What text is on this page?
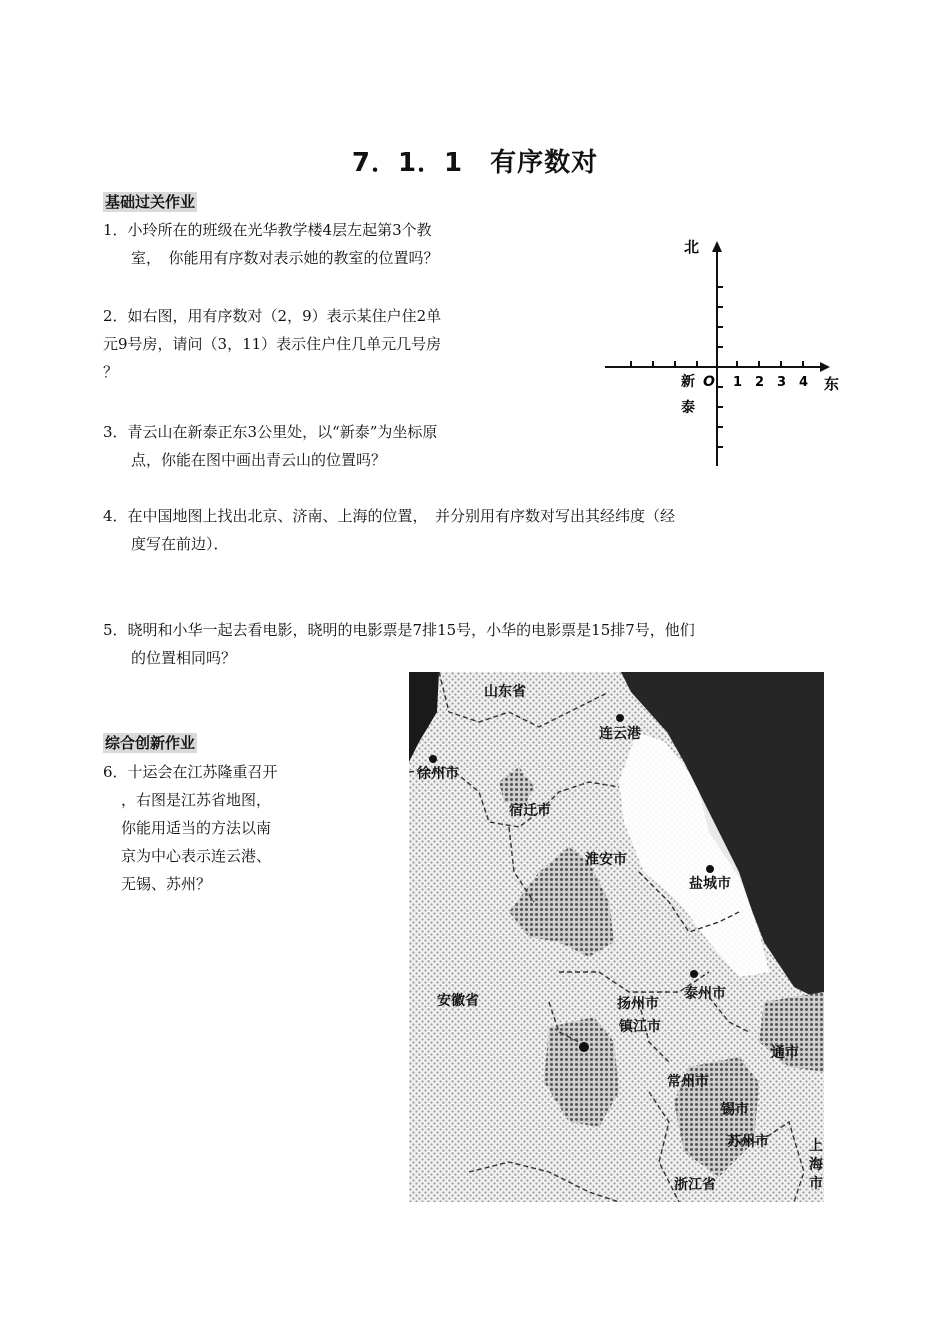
7．1．1　有序数对
基础过关作业
1．小玲所在的班级在光华教学楼4层左起第3个教
室，　你能用有序数对表示她的教室的位置吗？
2．如右图，用有序数对（2，9）表示某住户住2单
元9号房，请问（3，11）表示住户住几单元几号房
？
3．青云山在新泰正东3公里处，以“新泰”为坐标原
点，你能在图中画出青云山的位置吗？
4．在中国地图上找出北京、济南、上海的位置，　并分别用有序数对写出其经纬度（经
度写在前边）．
5．晓明和小华一起去看电影，晓明的电影票是7排15号，小华的电影票是15排7号，他们
的位置相同吗？
综合创新作业
6．十运会在江苏隆重召开
，右图是江苏省地图，
你能用适当的方法以南
京为中心表示连云港、
无锡、苏州？
北
东
O
新
泰
1 2 3 4
山东省
连云港
徐州市
宿迁市
淮安市
盐城市
安徽省	扬州市
泰州市
镇江市
通市
常州市
锡市
苏州市
浙江省
上
海
市
